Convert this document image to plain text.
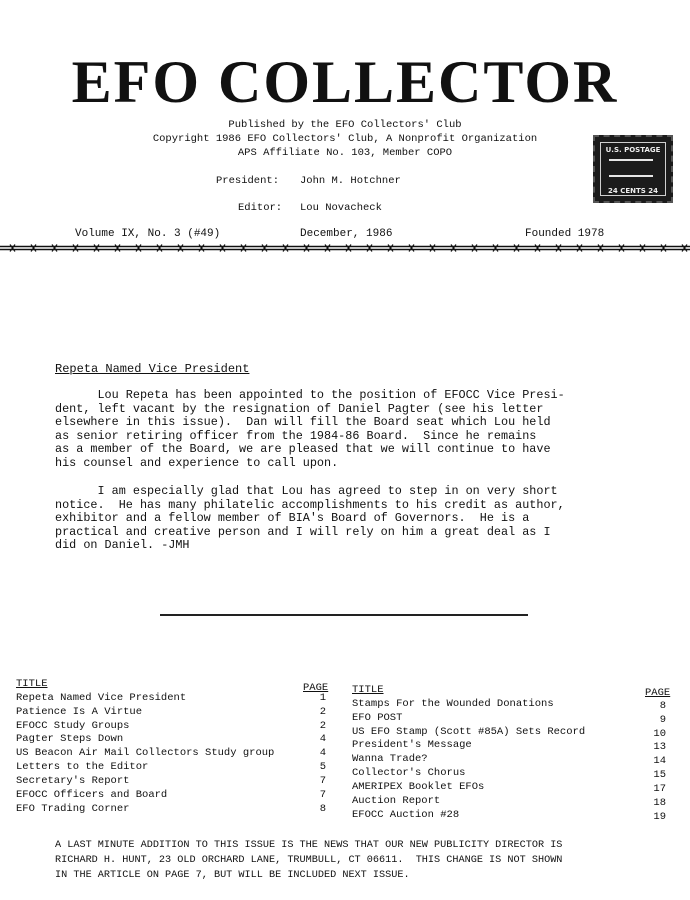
EFO COLLECTOR
Published by the EFO Collectors' Club
Copyright 1986 EFO Collectors' Club, A Nonprofit Organization
APS Affiliate No. 103, Member COPO
President: John M. Hotchner
Editor: Lou Novacheck
U.S. POSTAGE
24 CENTS 24
Volume IX, No. 3 (#49)	December, 1986	Founded 1978
Repeta Named Vice President
Lou Repeta has been appointed to the position of EFOCC Vice Presi-
dent, left vacant by the resignation of Daniel Pagter (see his letter
elsewhere in this issue).  Dan will fill the Board seat which Lou held
as senior retiring officer from the 1984-86 Board.  Since he remains
as a member of the Board, we are pleased that we will continue to have
his counsel and experience to call upon.
I am especially glad that Lou has agreed to step in on very short
notice.  He has many philatelic accomplishments to his credit as author,
exhibitor and a fellow member of BIA's Board of Governors.  He is a
practical and creative person and I will rely on him a great deal as I
did on Daniel. -JMH
TITLE	PAGE TITLE	PAGE
Repeta Named Vice President	1
Patience Is A Virtue	2
EFOCC Study Groups	2
Pagter Steps Down	4
US Beacon Air Mail Collectors Study group	4
Letters to the Editor	5
Secretary's Report	7
EFOCC Officers and Board	7
EFO Trading Corner	8
Stamps For the Wounded Donations	8
EFO POST	9
US EFO Stamp (Scott #85A) Sets Record	10
President's Message	13
Wanna Trade?	14
Collector's Chorus	15
AMERIPEX Booklet EFOs	17
Auction Report	18
EFOCC Auction #28	19
A LAST MINUTE ADDITION TO THIS ISSUE IS THE NEWS THAT OUR NEW PUBLICITY DIRECTOR IS
RICHARD H. HUNT, 23 OLD ORCHARD LANE, TRUMBULL, CT 06611.  THIS CHANGE IS NOT SHOWN
IN THE ARTICLE ON PAGE 7, BUT WILL BE INCLUDED NEXT ISSUE.
